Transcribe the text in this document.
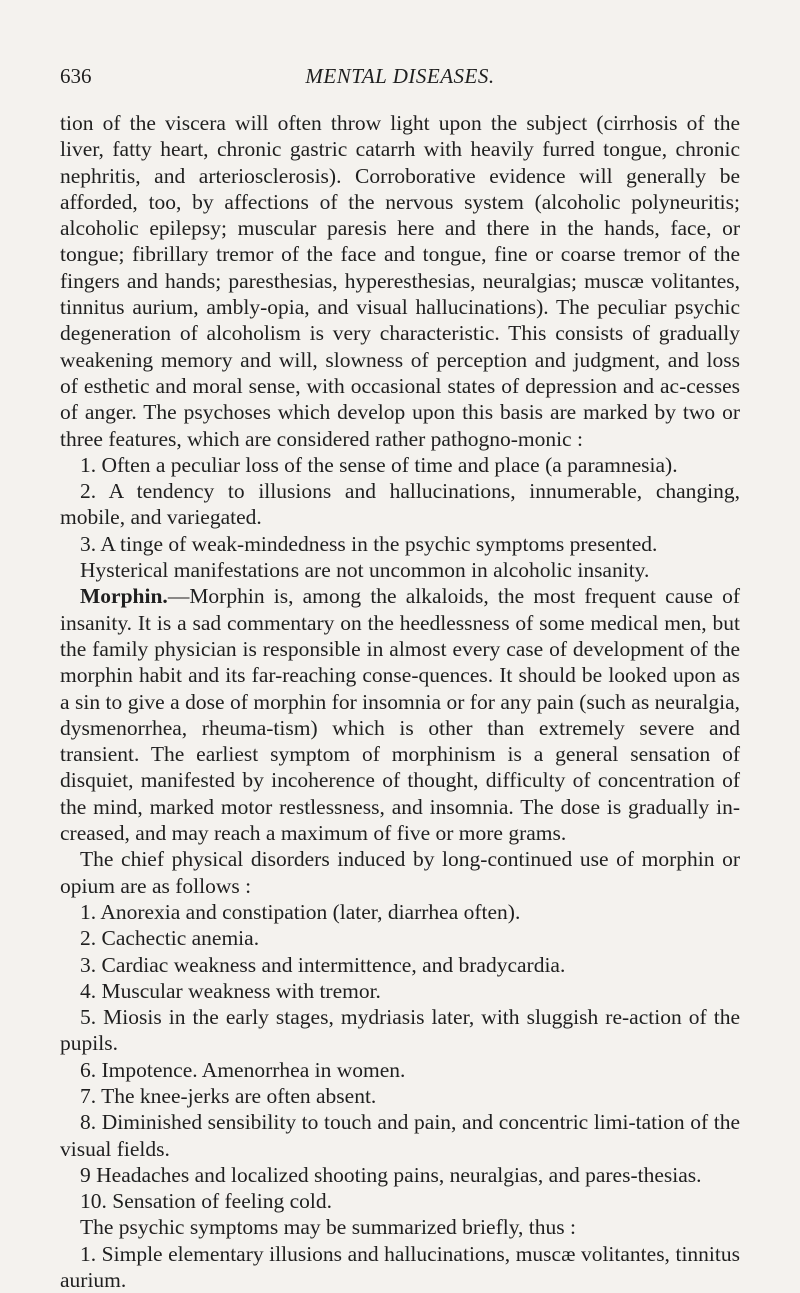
636	MENTAL DISEASES.

tion of the viscera will often throw light upon the subject (cirrhosis of the liver, fatty heart, chronic gastric catarrh with heavily furred tongue, chronic nephritis, and arteriosclerosis). Corroborative evidence will generally be afforded, too, by affections of the nervous system (alcoholic polyneuritis; alcoholic epilepsy; muscular paresis here and there in the hands, face, or tongue; fibrillary tremor of the face and tongue, fine or coarse tremor of the fingers and hands; paresthesias, hyperesthesias, neuralgias; muscæ volitantes, tinnitus aurium, ambly-opia, and visual hallucinations). The peculiar psychic degeneration of alcoholism is very characteristic. This consists of gradually weakening memory and will, slowness of perception and judgment, and loss of esthetic and moral sense, with occasional states of depression and ac-cesses of anger. The psychoses which develop upon this basis are marked by two or three features, which are considered rather pathogno-monic :

1. Often a peculiar loss of the sense of time and place (a paramnesia).

2. A tendency to illusions and hallucinations, innumerable, changing, mobile, and variegated.

3. A tinge of weak-mindedness in the psychic symptoms presented.

Hysterical manifestations are not uncommon in alcoholic insanity.

Morphin.—Morphin is, among the alkaloids, the most frequent cause of insanity. It is a sad commentary on the heedlessness of some medical men, but the family physician is responsible in almost every case of development of the morphin habit and its far-reaching conse-quences. It should be looked upon as a sin to give a dose of morphin for insomnia or for any pain (such as neuralgia, dysmenorrhea, rheuma-tism) which is other than extremely severe and transient. The earliest symptom of morphinism is a general sensation of disquiet, manifested by incoherence of thought, difficulty of concentration of the mind, marked motor restlessness, and insomnia. The dose is gradually in-creased, and may reach a maximum of five or more grams.

The chief physical disorders induced by long-continued use of morphin or opium are as follows :

1. Anorexia and constipation (later, diarrhea often).

2. Cachectic anemia.

3. Cardiac weakness and intermittence, and bradycardia.

4. Muscular weakness with tremor.

5. Miosis in the early stages, mydriasis later, with sluggish re-action of the pupils.

6. Impotence. Amenorrhea in women.

7. The knee-jerks are often absent.

8. Diminished sensibility to touch and pain, and concentric limi-tation of the visual fields.

9 Headaches and localized shooting pains, neuralgias, and pares-thesias.

10. Sensation of feeling cold.

The psychic symptoms may be summarized briefly, thus :

1. Simple elementary illusions and hallucinations, muscæ volitantes, tinnitus aurium.
